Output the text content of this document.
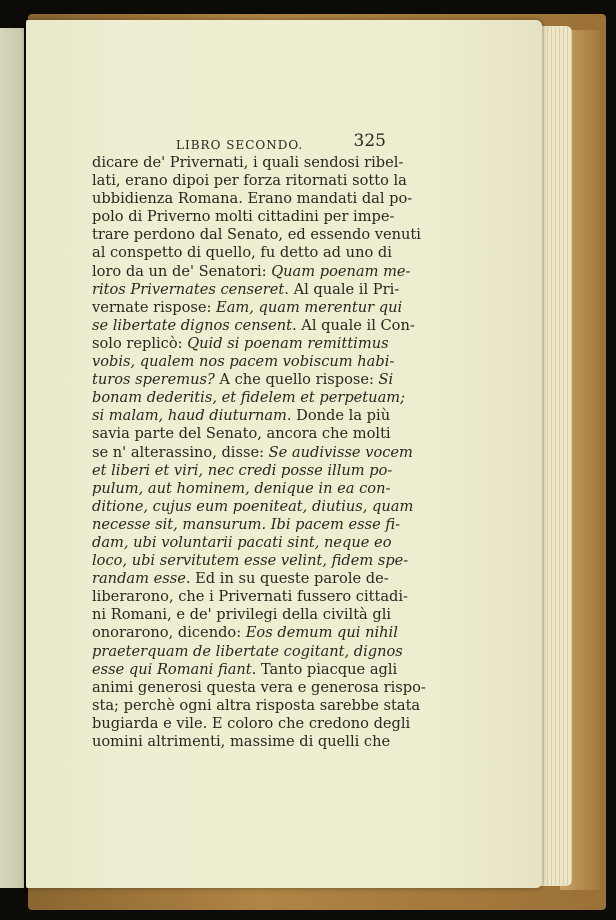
LIBRO SECONDO.	325
dicare de' Privernati, i quali sendosi ribel-
lati, erano dipoi per forza ritornati sotto la
ubbidienza Romana. Erano mandati dal po-
polo di Priverno molti cittadini per impe-
trare perdono dal Senato, ed essendo venuti
al conspetto di quello, fu detto ad uno di
loro da un de' Senatori: Quam poenam me-
ritos Privernates censeret. Al quale il Pri-
vernate rispose: Eam, quam merentur qui
se libertate dignos censent. Al quale il Con-
solo replicò: Quid si poenam remittimus
vobis, qualem nos pacem vobiscum habi-
turos speremus? A che quello rispose: Si
bonam dederitis, et fidelem et perpetuam;
si malam, haud diuturnam. Donde la più
savia parte del Senato, ancora che molti
se n' alterassino, disse: Se audivisse vocem
et liberi et viri, nec credi posse illum po-
pulum, aut hominem, denique in ea con-
ditione, cujus eum poeniteat, diutius, quam
necesse sit, mansurum. Ibi pacem esse fi-
dam, ubi voluntarii pacati sint, neque eo
loco, ubi servitutem esse velint, fidem spe-
randam esse. Ed in su queste parole de-
liberarono, che i Privernati fussero cittadi-
ni Romani, e de' privilegi della civiltà gli
onorarono, dicendo: Eos demum qui nihil
praeterquam de libertate cogitant, dignos
esse qui Romani fiant. Tanto piacque agli
animi generosi questa vera e generosa rispo-
sta; perchè ogni altra risposta sarebbe stata
bugiarda e vile. E coloro che credono degli
uomini altrimenti, massime di quelli che
